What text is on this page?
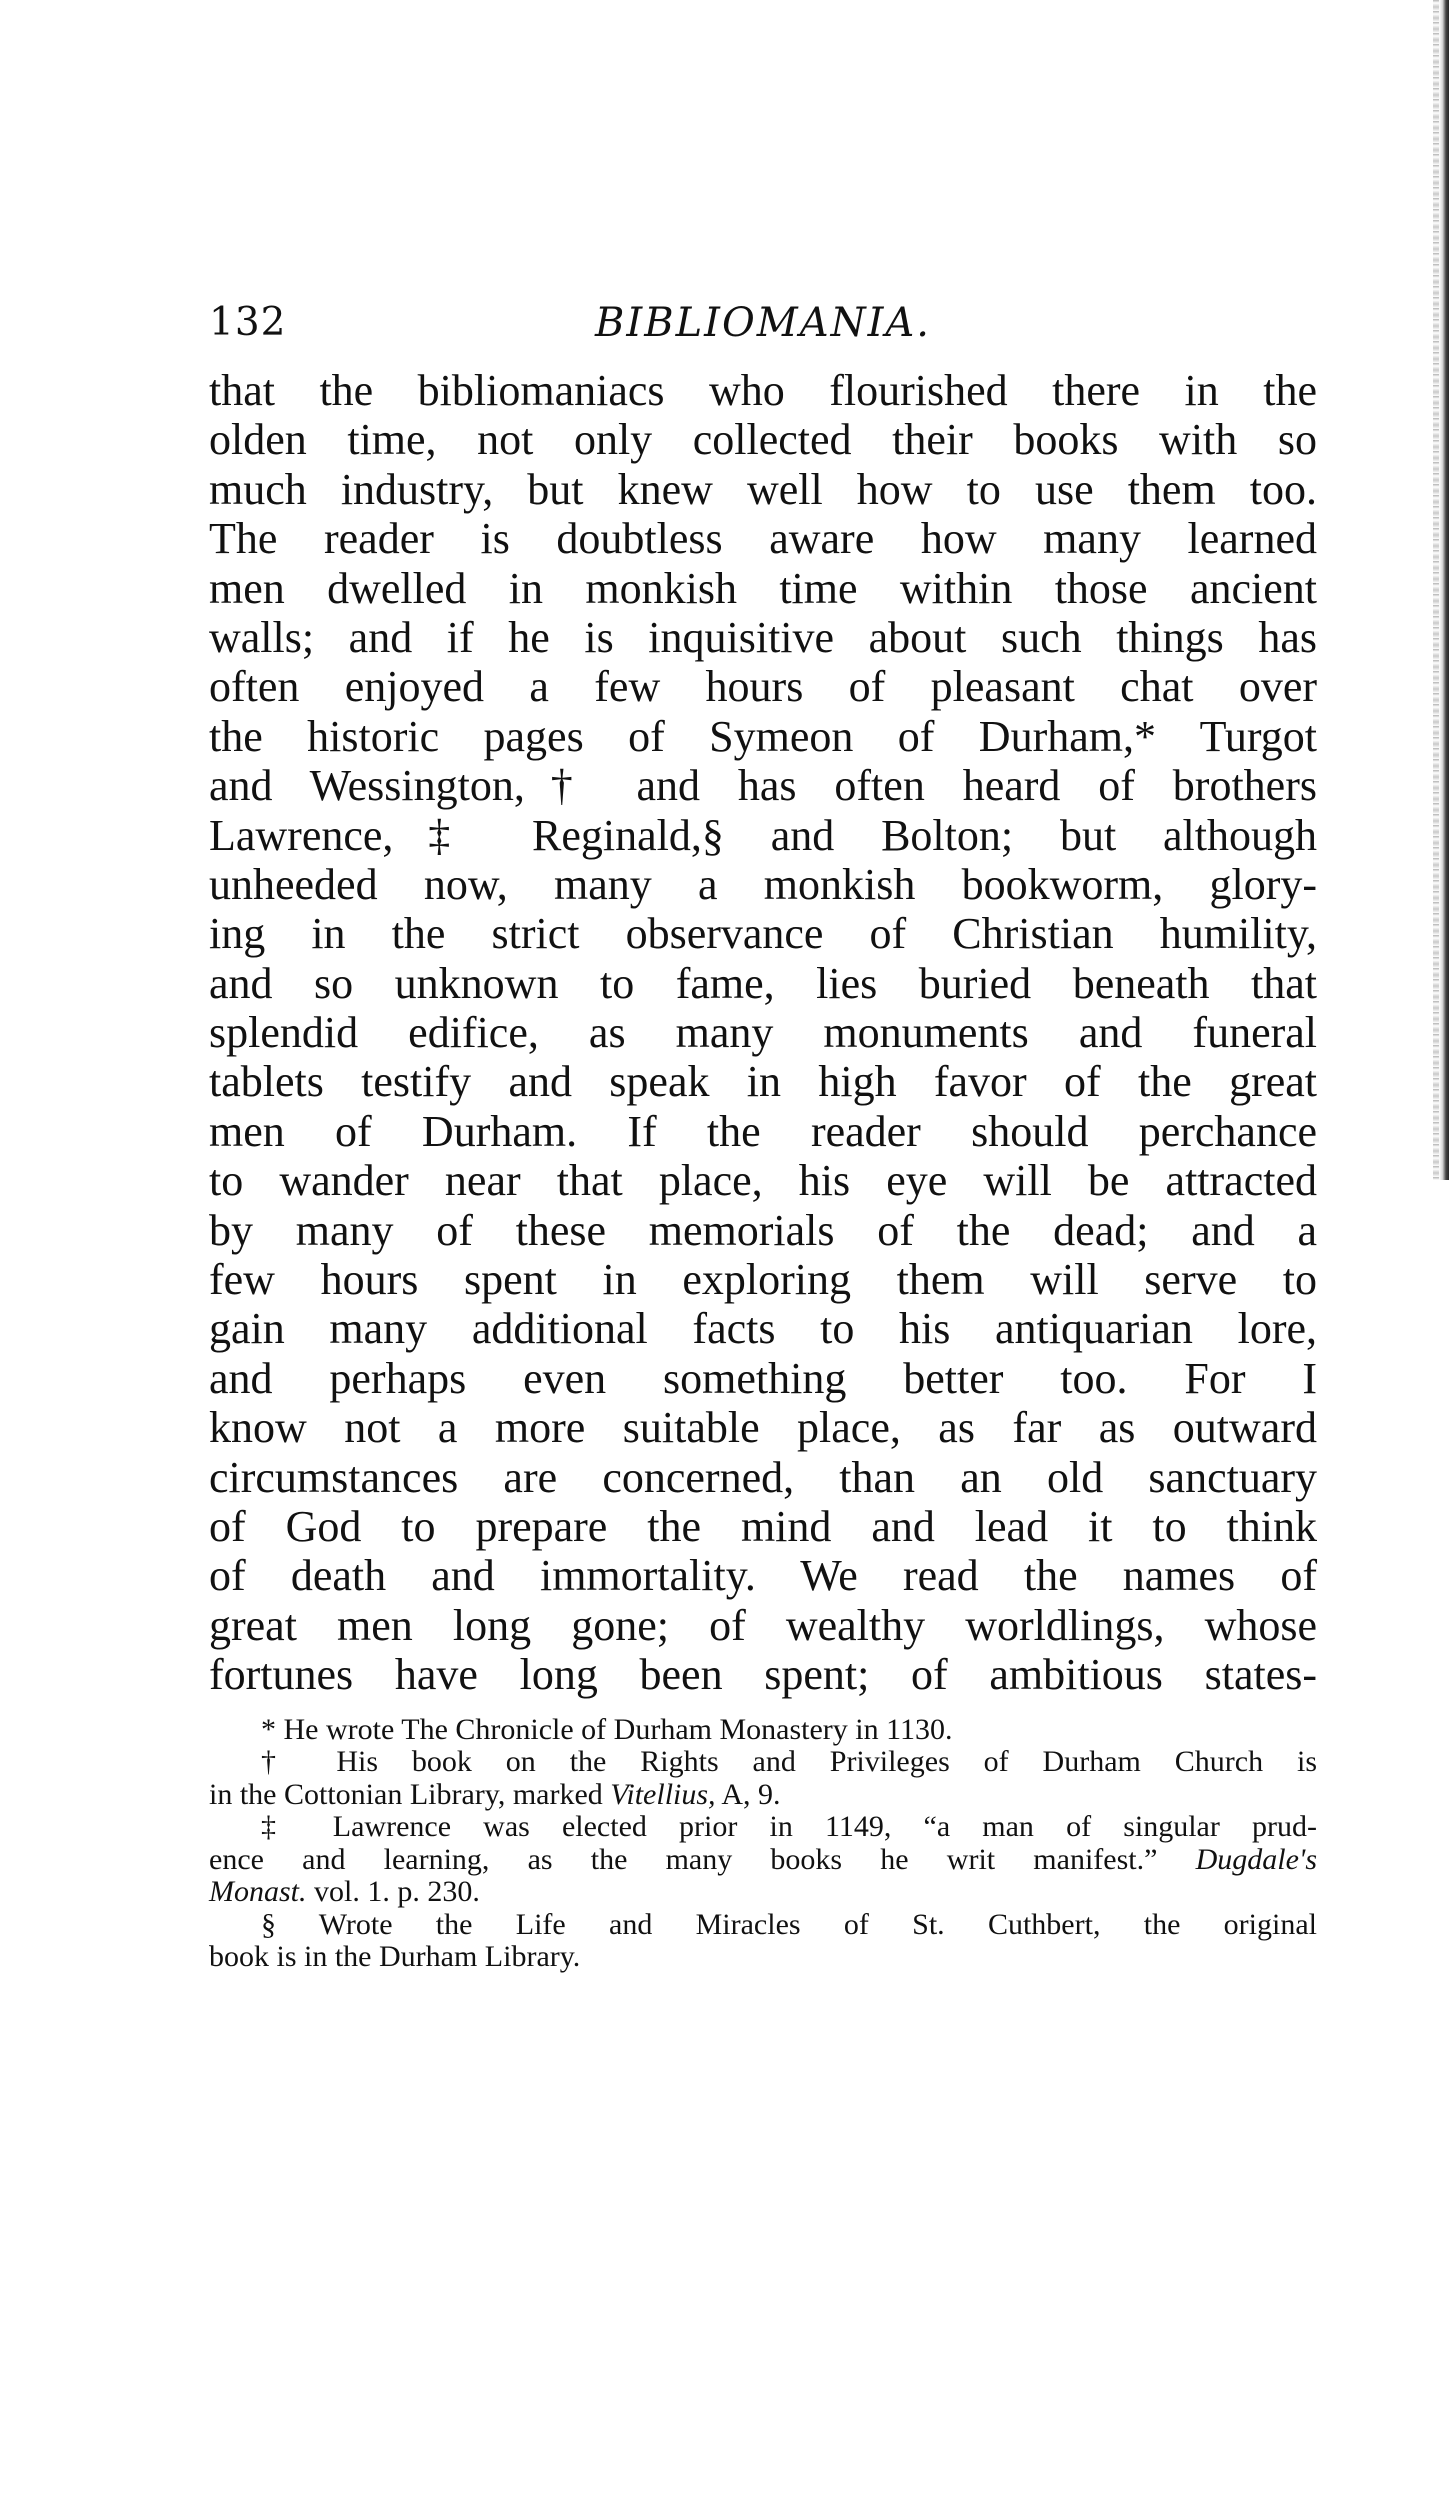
132	BIBLIOMANIA.
that the bibliomaniacs who flourished there in the
olden time, not only collected their books with so
much industry, but knew well how to use them too.
The reader is doubtless aware how many learned
men dwelled in monkish time within those ancient
walls; and if he is inquisitive about such things has
often enjoyed a few hours of pleasant chat over
the historic pages of Symeon of Durham,* Turgot
and Wessington,† and has often heard of brothers
Lawrence,‡ Reginald,§ and Bolton; but although
unheeded now, many a monkish bookworm, glory-
ing in the strict observance of Christian humility,
and so unknown to fame, lies buried beneath that
splendid edifice, as many monuments and funeral
tablets testify and speak in high favor of the great
men of Durham. If the reader should perchance
to wander near that place, his eye will be attracted
by many of these memorials of the dead; and a
few hours spent in exploring them will serve to
gain many additional facts to his antiquarian lore,
and perhaps even something better too. For I
know not a more suitable place, as far as outward
circumstances are concerned, than an old sanctuary
of God to prepare the mind and lead it to think
of death and immortality. We read the names of
great men long gone; of wealthy worldlings, whose
fortunes have long been spent; of ambitious states-
* He wrote The Chronicle of Durham Monastery in 1130.
† His book on the Rights and Privileges of Durham Church is
in the Cottonian Library, marked Vitellius, A, 9.
‡ Lawrence was elected prior in 1149, “a man of singular prud-
ence and learning, as the many books he writ manifest.” Dugdale's
Monast. vol. 1. p. 230.
§ Wrote the Life and Miracles of St. Cuthbert, the original
book is in the Durham Library.
